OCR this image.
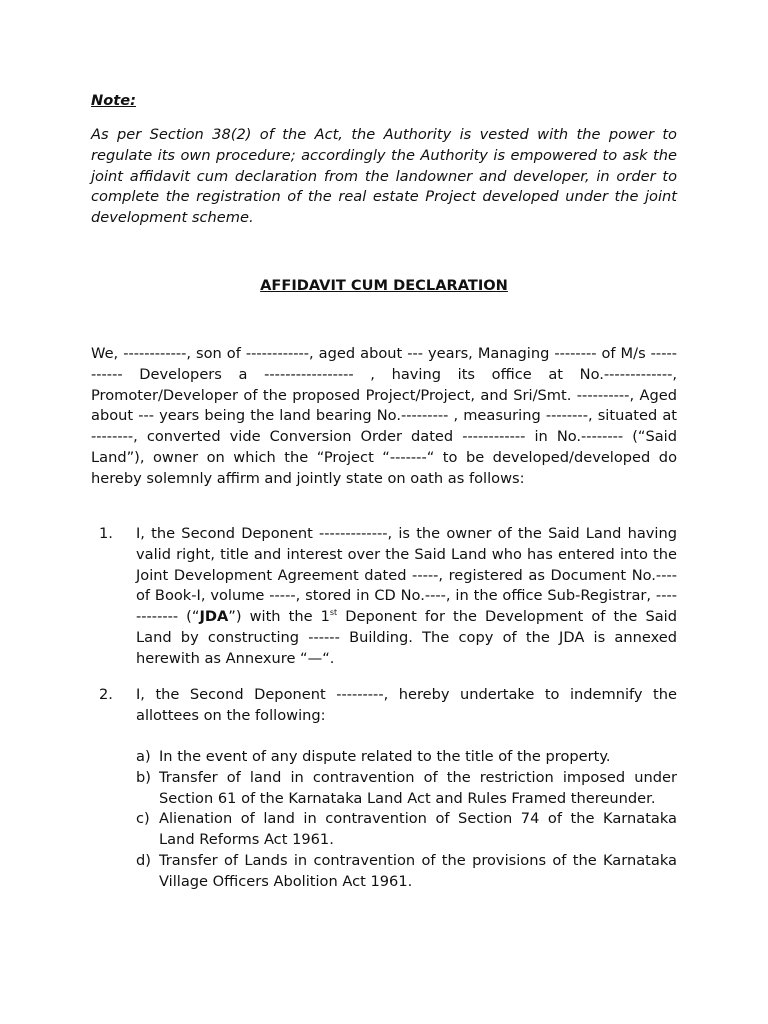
Note:

As per Section 38(2) of the Act, the Authority is vested with the power to regulate its own procedure; accordingly the Authority is empowered to ask the joint affidavit cum declaration from the landowner and developer, in order to complete the registration of the real estate Project developed under the joint development scheme.

AFFIDAVIT CUM DECLARATION

We, ------------, son of ------------, aged about --- years, Managing -------- of M/s ----------- Developers a ----------------- , having its office at No.-------------, Promoter/Developer of the proposed Project/Project, and Sri/Smt. ----------, Aged about --- years being the land bearing No.--------- , measuring --------, situated at --------, converted vide Conversion Order dated ------------ in No.-------- (“Said Land”), owner on which the “Project “-------“ to be developed/developed do hereby solemnly affirm and jointly state on oath as follows:

1. I, the Second Deponent -------------, is the owner of the Said Land having valid right, title and interest over the Said Land who has entered into the Joint Development Agreement dated -----, registered as Document No.---- of Book-I, volume -----, stored in CD No.----, in the office Sub-Registrar, ------------ (“JDA”) with the 1st Deponent for the Development of the Said Land by constructing ------ Building. The copy of the JDA is annexed herewith as Annexure “—“.
2. I, the Second Deponent ---------, hereby undertake to indemnify the allottees on the following:
a) In the event of any dispute related to the title of the property.
b) Transfer of land in contravention of the restriction imposed under Section 61 of the Karnataka Land Act and Rules Framed thereunder.
c) Alienation of land in contravention of Section 74 of the Karnataka Land Reforms Act 1961.
d) Transfer of Lands in contravention of the provisions of the Karnataka Village Officers Abolition Act 1961.
